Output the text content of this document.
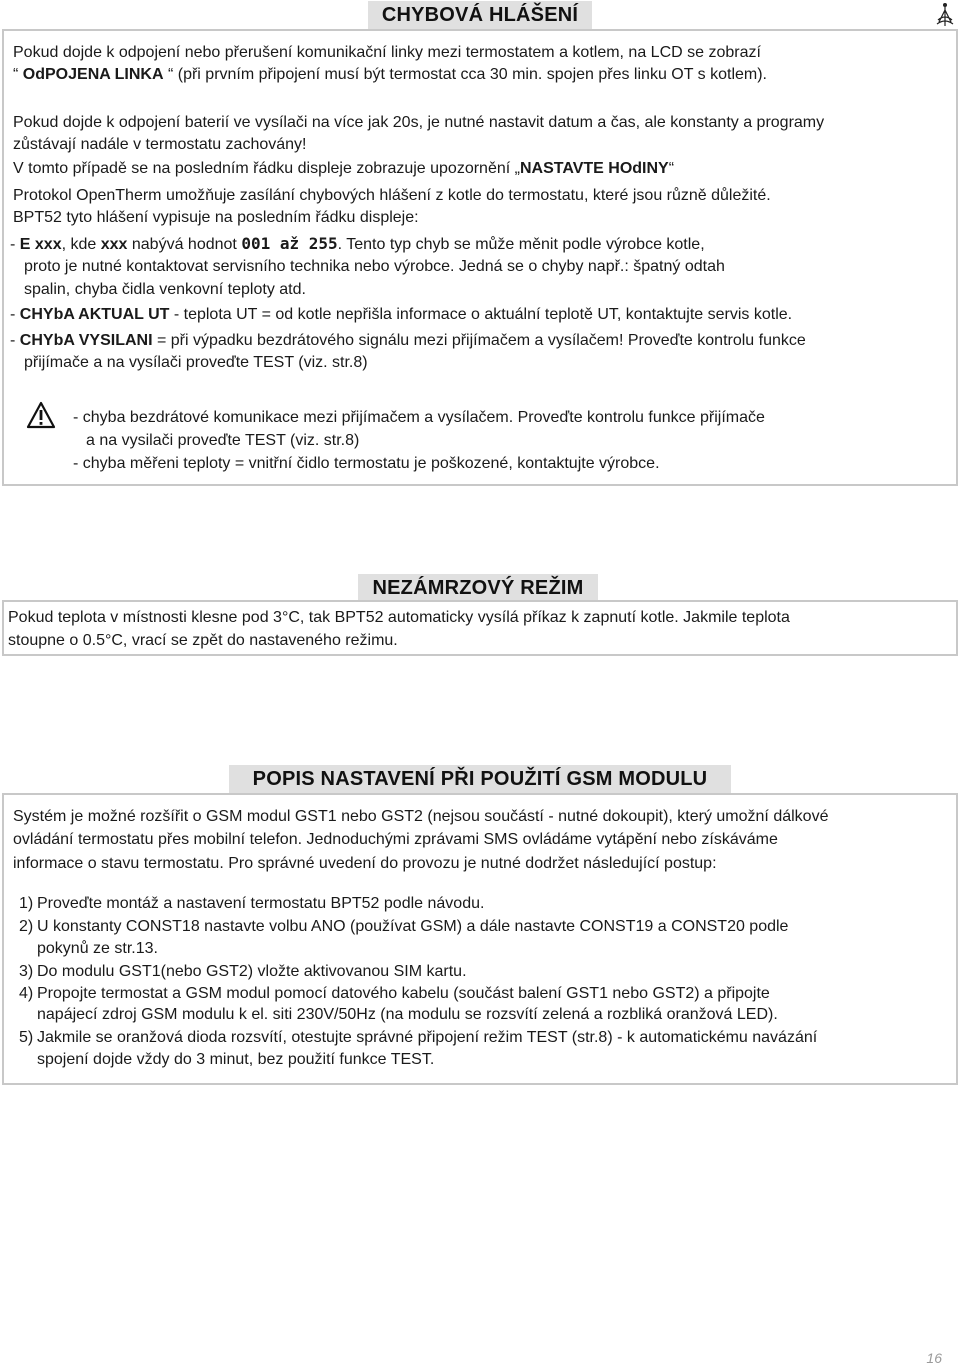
CHYBOVÁ HLÁŠENÍ
Pokud dojde k odpojení nebo přerušení komunikační linky mezi termostatem a kotlem, na LCD se zobrazí
“ OdPOJENA LINKA “ (při prvním připojení musí být termostat cca 30 min. spojen přes linku OT s kotlem).
Pokud dojde k odpojení baterií ve vysílači na více jak 20s, je nutné nastavit datum a čas, ale konstanty a programy
zůstávají nadále v termostatu zachovány!
V tomto případě se na posledním řádku displeje zobrazuje upozornění „NASTAVTE HOdINY“
Protokol OpenTherm umožňuje zasílání chybových hlášení z kotle do termostatu, které jsou různě důležité.
BPT52 tyto hlášení vypisuje na posledním řádku displeje:
- E xxx, kde xxx nabývá hodnot 001 až 255. Tento typ chyb se může měnit podle výrobce kotle,
proto je nutné kontaktovat servisního technika nebo výrobce. Jedná se o chyby např.: špatný odtah
spalin, chyba čidla venkovní teploty atd.
- CHYbA AKTUAL UT - teplota UT = od kotle nepřišla informace o aktuální teplotě UT, kontaktujte servis kotle.
- CHYbA VYSILANI = při výpadku bezdrátového signálu mezi přijímačem a vysílačem! Proveďte kontrolu funkce
přijímače a na vysílači proveďte TEST (viz. str.8)
- chyba bezdrátové komunikace mezi přijímačem a vysílačem. Proveďte kontrolu funkce přijímače
a na vysilači proveďte TEST (viz. str.8)
- chyba měřeni teploty = vnitřní čidlo termostatu je poškozené, kontaktujte výrobce.
NEZÁMRZOVÝ REŽIM
Pokud teplota v místnosti klesne pod 3°C, tak BPT52 automaticky vysílá příkaz k zapnutí kotle. Jakmile teplota
stoupne o 0.5°C, vrací se zpět do nastaveného režimu.
POPIS NASTAVENÍ PŘI POUŽITÍ GSM MODULU
Systém je možné rozšířit o GSM modul GST1 nebo GST2 (nejsou součástí - nutné dokoupit), který umožní dálkové
ovládání termostatu přes mobilní telefon. Jednoduchými zprávami SMS ovládáme vytápění nebo získáváme
informace o stavu termostatu. Pro správné uvedení do provozu je nutné dodržet následující postup:
1) Proveďte montáž a nastavení termostatu BPT52 podle návodu.
2) U konstanty CONST18 nastavte volbu ANO (používat GSM) a dále nastavte CONST19 a CONST20 podle
pokynů ze str.13.
3) Do modulu GST1(nebo GST2) vložte aktivovanou SIM kartu.
4) Propojte termostat a GSM modul pomocí datového kabelu (součást balení GST1 nebo GST2) a připojte
napájecí zdroj GSM modulu k el. siti 230V/50Hz (na modulu se rozsvítí zelená a rozbliká oranžová LED).
5) Jakmile se oranžová dioda rozsvítí, otestujte správné připojení režim TEST (str.8) - k automatickému navázání
spojení dojde vždy do 3 minut, bez použití funkce TEST.
16
